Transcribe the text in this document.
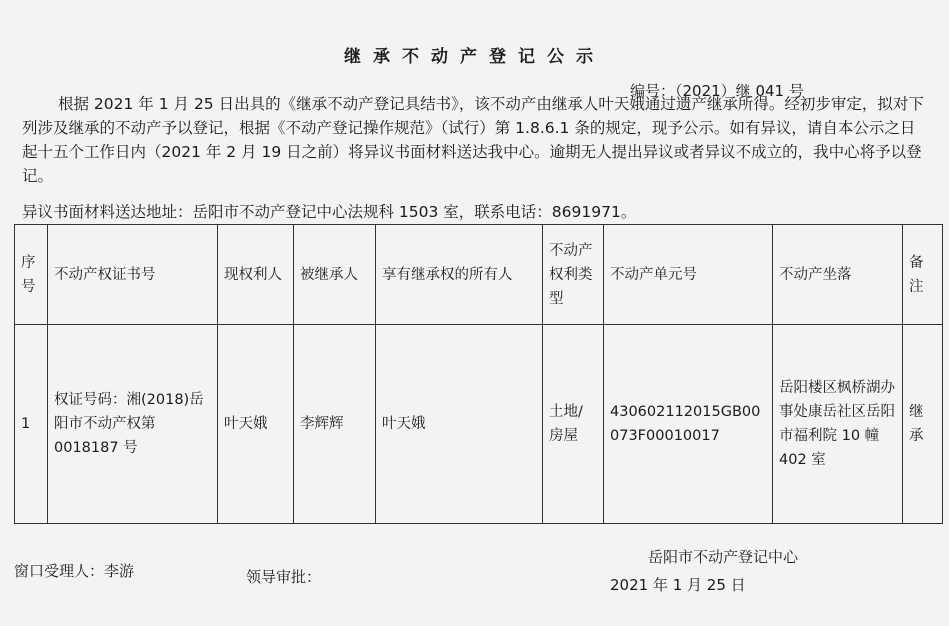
继承不动产登记公示
编号：（2021）继 041 号
根据 2021 年 1 月 25 日出具的《继承不动产登记具结书》，该不动产由继承人叶天娥通过遗产继承所得。经初步审定，拟对下列涉及继承的不动产予以登记，根据《不动产登记操作规范》（试行）第 1.8.6.1 条的规定，现予公示。如有异议，请自本公示之日起十五个工作日内（2021 年 2 月 19 日之前）将异议书面材料送达我中心。逾期无人提出异议或者异议不成立的，我中心将予以登记。
异议书面材料送达地址：岳阳市不动产登记中心法规科 1503 室，联系电话：8691971。
序号	不动产权证书号	现权利人	被继承人	享有继承权的所有人	不动产权利类型	不动产单元号	不动产坐落	备注
1	权证号码：湘(2018)岳阳市不动产权第 0018187 号	叶天娥	李辉辉	叶天娥	土地/房屋	430602112015GB00073F00010017	岳阳楼区枫桥湖办事处康岳社区岳阳市福利院 10 幢 402 室	继承
窗口受理人：李游	领导审批：
岳阳市不动产登记中心
2021 年 1 月 25 日
